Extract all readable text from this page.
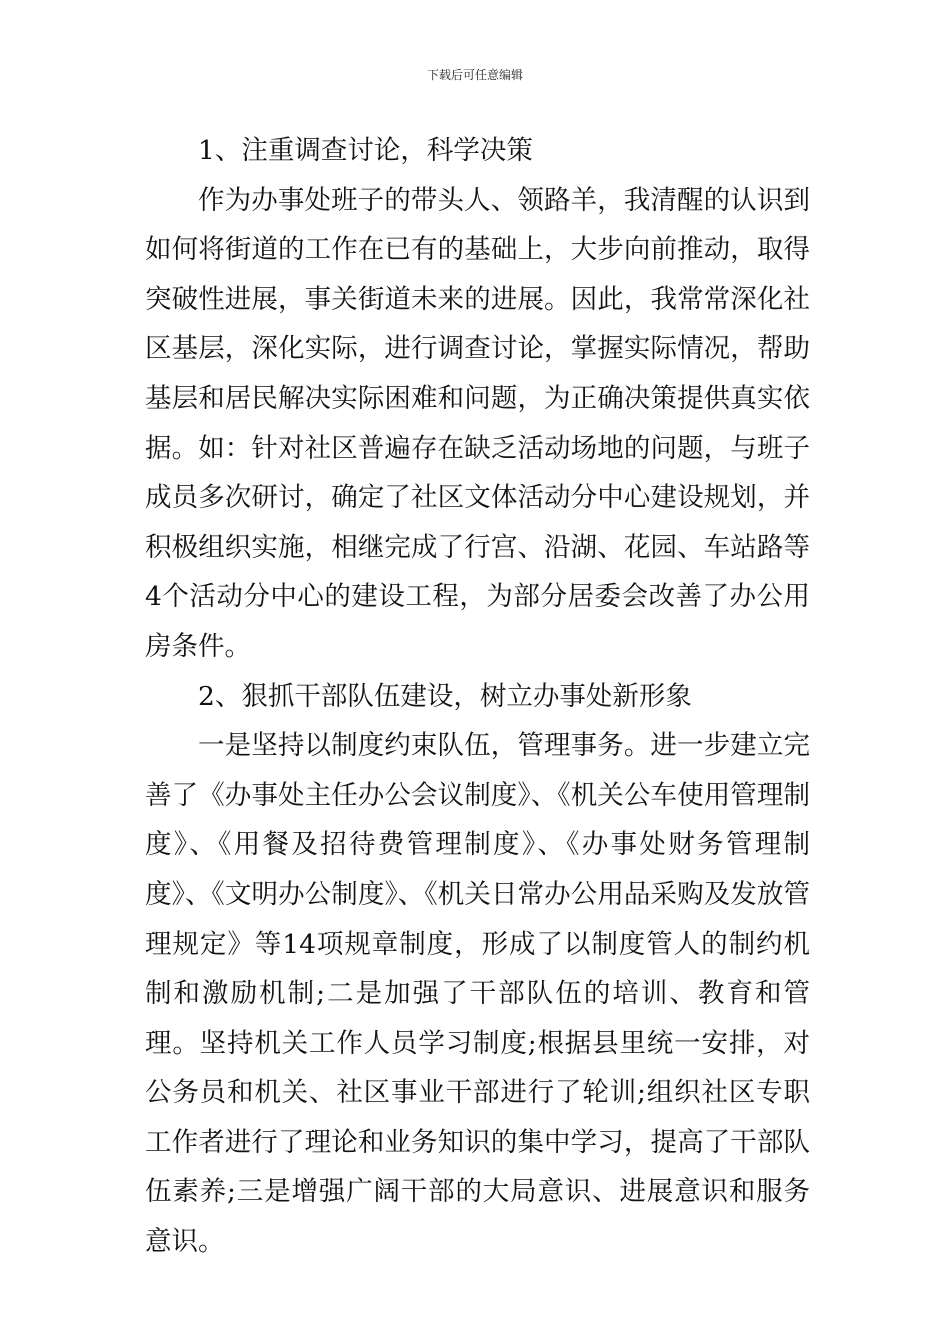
下载后可任意编辑

1、注重调查讨论，科学决策

作为办事处班子的带头人、领路羊，我清醒的认识到如何将街道的工作在已有的基础上，大步向前推动，取得突破性进展，事关街道未来的进展。因此，我常常深化社区基层，深化实际，进行调查讨论，掌握实际情况，帮助基层和居民解决实际困难和问题，为正确决策提供真实依据。如：针对社区普遍存在缺乏活动场地的问题，与班子成员多次研讨，确定了社区文体活动分中心建设规划，并积极组织实施，相继完成了行宫、沿湖、花园、车站路等4个活动分中心的建设工程，为部分居委会改善了办公用房条件。

2、狠抓干部队伍建设，树立办事处新形象

一是坚持以制度约束队伍，管理事务。进一步建立完善了《办事处主任办公会议制度》、《机关公车使用管理制度》、《用餐及招待费管理制度》、《办事处财务管理制度》、《文明办公制度》、《机关日常办公用品采购及发放管理规定》等14项规章制度，形成了以制度管人的制约机制和激励机制;二是加强了干部队伍的培训、教育和管理。坚持机关工作人员学习制度;根据县里统一安排，对公务员和机关、社区事业干部进行了轮训;组织社区专职工作者进行了理论和业务知识的集中学习，提高了干部队伍素养;三是增强广阔干部的大局意识、进展意识和服务意识。
